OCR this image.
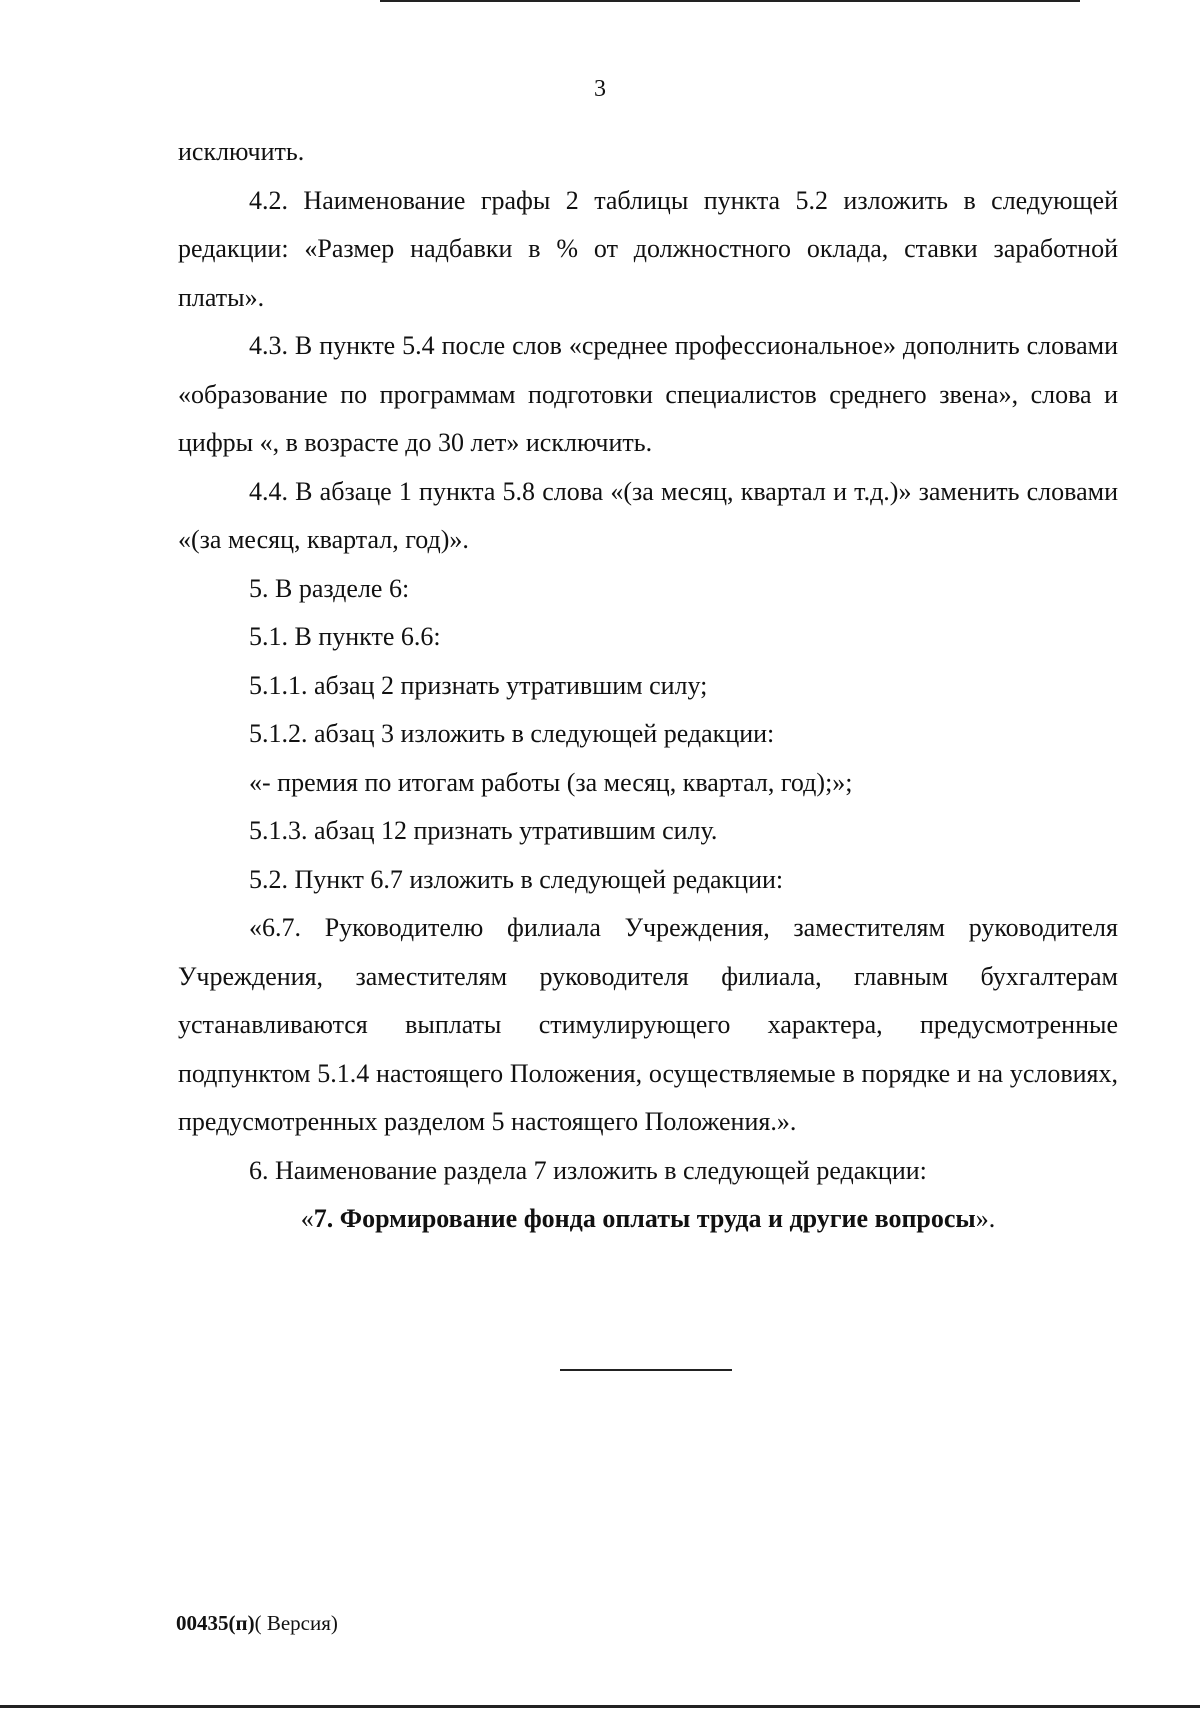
3

исключить.

4.2. Наименование графы 2 таблицы пункта 5.2 изложить в следующей редакции: «Размер надбавки в % от должностного оклада, ставки заработной платы».

4.3. В пункте 5.4 после слов «среднее профессиональное» дополнить словами «образование по программам подготовки специалистов среднего звена», слова и цифры «, в возрасте до 30 лет» исключить.

4.4. В абзаце 1 пункта 5.8 слова «(за месяц, квартал и т.д.)» заменить словами «(за месяц, квартал, год)».

5. В разделе 6:

5.1. В пункте 6.6:

5.1.1. абзац 2 признать утратившим силу;

5.1.2. абзац 3 изложить в следующей редакции:

«- премия по итогам работы (за месяц, квартал, год);»;

5.1.3. абзац 12 признать утратившим силу.

5.2. Пункт 6.7 изложить в следующей редакции:

«6.7. Руководителю филиала Учреждения, заместителям руководителя Учреждения, заместителям руководителя филиала, главным бухгалтерам устанавливаются выплаты стимулирующего характера, предусмотренные подпунктом 5.1.4 настоящего Положения, осуществляемые в порядке и на условиях, предусмотренных разделом 5 настоящего Положения.».

6. Наименование раздела 7 изложить в следующей редакции:

«7. Формирование фонда оплаты труда и другие вопросы».

00435(п)( Версия)
